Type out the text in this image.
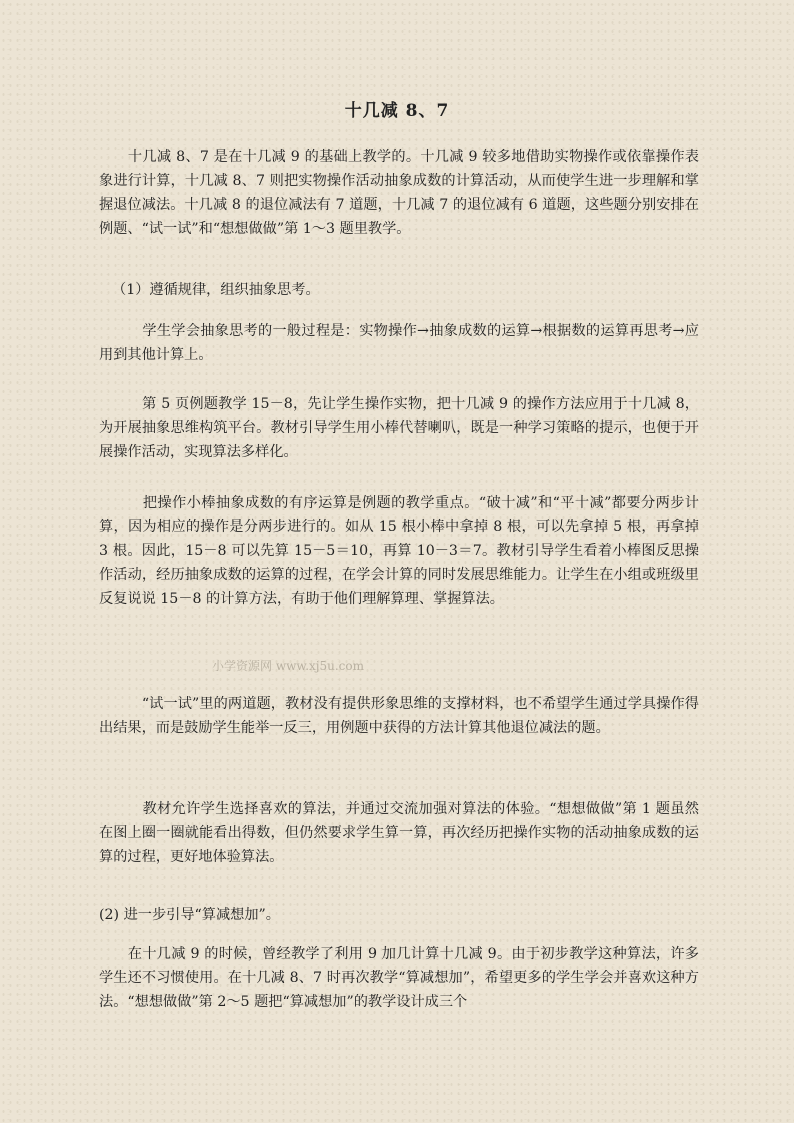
十几减 8、7

　　十几减 8、7 是在十几减 9 的基础上教学的。十几减 9 较多地借助实物操作或依靠操作表象进行计算，十几减 8、7 则把实物操作活动抽象成数的计算活动，从而使学生进一步理解和掌握退位减法。十几减 8 的退位减法有 7 道题，十几减 7 的退位减有 6 道题，这些题分别安排在例题、“试一试”和“想想做做”第 1～3 题里教学。

（1）遵循规律，组织抽象思考。

　　　学生学会抽象思考的一般过程是：实物操作→抽象成数的运算→根据数的运算再思考→应用到其他计算上。

　　　第 5 页例题教学 15－8，先让学生操作实物，把十几减 9 的操作方法应用于十几减 8，为开展抽象思维构筑平台。教材引导学生用小棒代替喇叭，既是一种学习策略的提示，也便于开展操作活动，实现算法多样化。

　　　把操作小棒抽象成数的有序运算是例题的教学重点。“破十减”和“平十减”都要分两步计算，因为相应的操作是分两步进行的。如从 15 根小棒中拿掉 8 根，可以先拿掉 5 根，再拿掉 3 根。因此，15－8 可以先算 15－5＝10，再算 10－3＝7。教材引导学生看着小棒图反思操作活动，经历抽象成数的运算的过程，在学会计算的同时发展思维能力。让学生在小组或班级里反复说说 15－8 的计算方法，有助于他们理解算理、掌握算法。

　　　“试一试”里的两道题，教材没有提供形象思维的支撑材料，也不希望学生通过学具操作得出结果，而是鼓励学生能举一反三，用例题中获得的方法计算其他退位减法的题。

　　　教材允许学生选择喜欢的算法，并通过交流加强对算法的体验。“想想做做”第 1 题虽然在图上圈一圈就能看出得数，但仍然要求学生算一算，再次经历把操作实物的活动抽象成数的运算的过程，更好地体验算法。

(2) 进一步引导“算减想加”。

　　在十几减 9 的时候，曾经教学了利用 9 加几计算十几减 9。由于初步教学这种算法，许多学生还不习惯使用。在十几减 8、7 时再次教学“算减想加”，希望更多的学生学会并喜欢这种方法。“想想做做”第 2～5 题把“算减想加”的教学设计成三个

小学资源网 www.xj5u.com
